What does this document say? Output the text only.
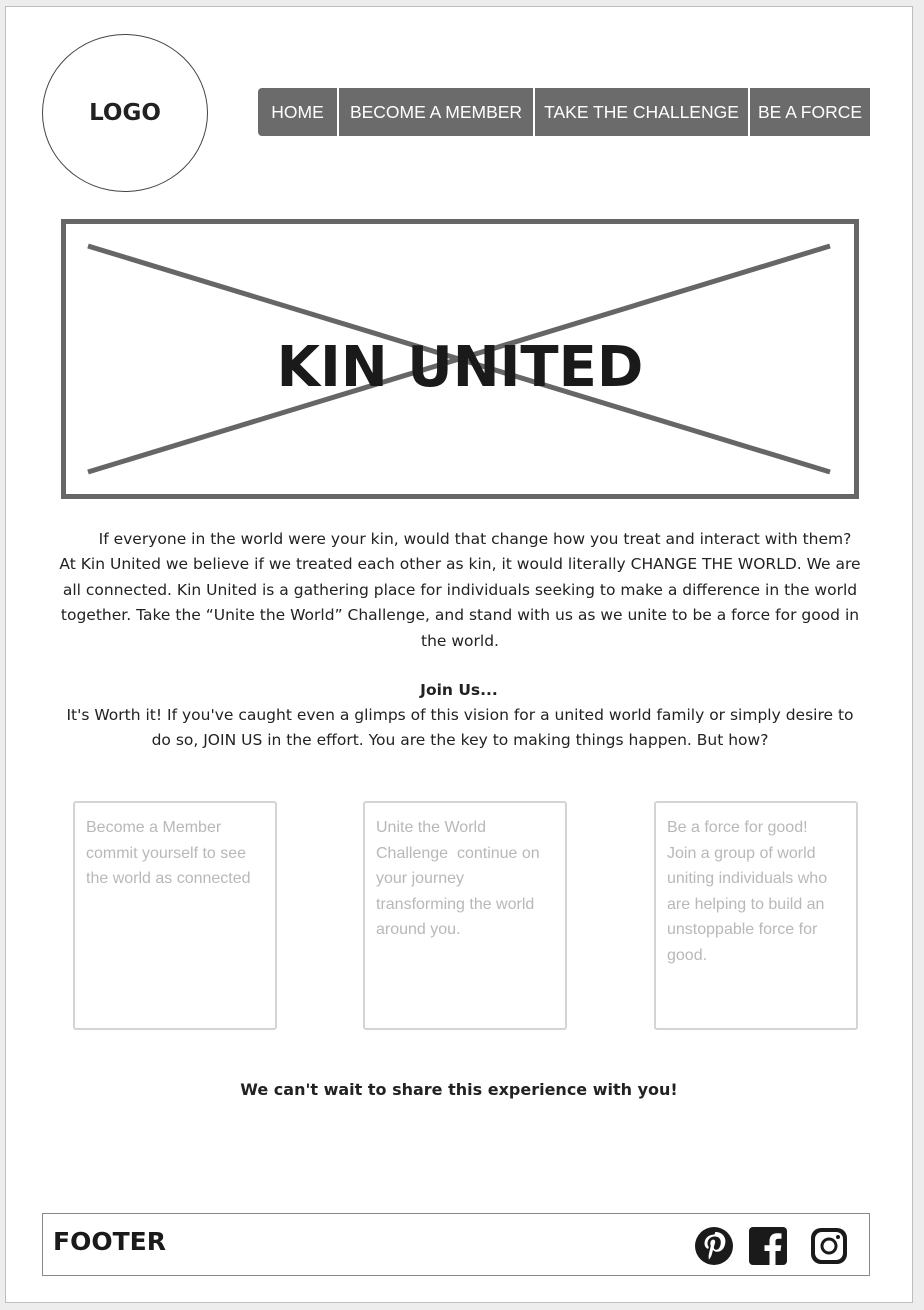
LOGO	HOME	BECOME A MEMBER	TAKE THE CHALLENGE	BE A FORCE
KIN UNITED

If everyone in the world were your kin, would that change how you treat and interact with them? At Kin United we believe if we treated each other as kin, it would literally CHANGE THE WORLD. We are all connected. Kin United is a gathering place for individuals seeking to make a difference in the world together. Take the “Unite the World” Challenge, and stand with us as we unite to be a force for good in the world.

Join Us...

It's Worth it! If you've caught even a glimps of this vision for a united world family or simply desire to do so, JOIN US in the effort. You are the key to making things happen. But how?

Become a Member
commit yourself to see
the world as connected
Unite the World
Challenge  continue on
your journey
transforming the world
around you.
Be a force for good!
Join a group of world
uniting individuals who
are helping to build an
unstoppable force for
good.
We can't wait to share this experience with you!
FOOTER
